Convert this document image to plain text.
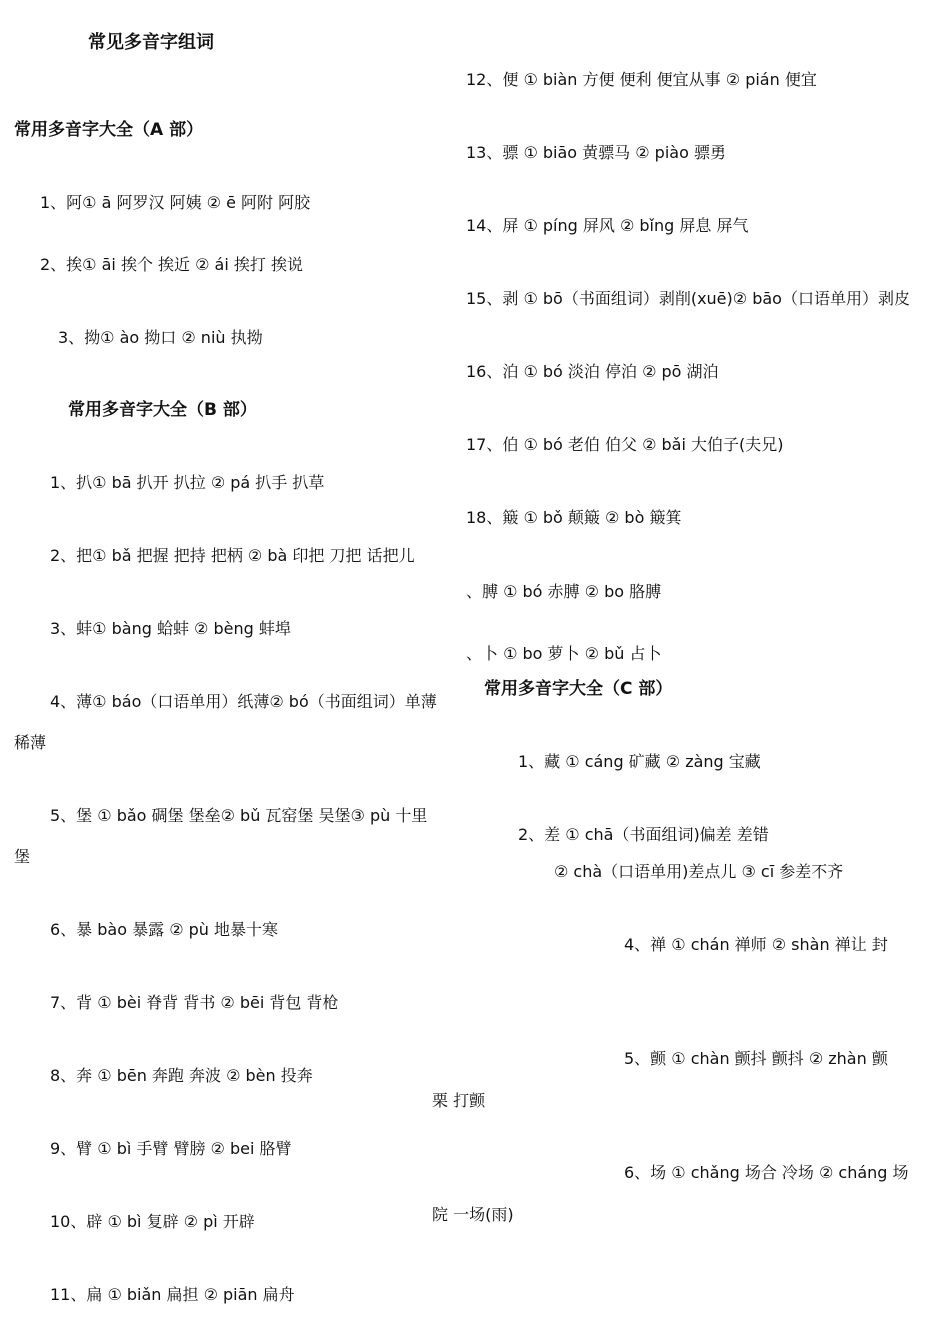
常见多音字组词
常用多音字大全（A 部）
1、阿① ā 阿罗汉 阿姨 ② ē 阿附 阿胶
2、挨① āi 挨个 挨近 ② ái 挨打 挨说
3、拗① ào 拗口 ② niù 执拗
常用多音字大全（B 部）
1、扒① bā 扒开 扒拉 ② pá 扒手 扒草
2、把① bǎ 把握 把持 把柄 ② bà 印把 刀把 话把儿
3、蚌① bàng 蛤蚌 ② bèng 蚌埠
4、薄① báo（口语单用）纸薄② bó（书面组词）单薄
稀薄
5、堡 ① bǎo 碉堡 堡垒② bǔ 瓦窑堡 吴堡③ pù 十里
堡
6、暴 bào 暴露 ② pù 地暴十寒
7、背 ① bèi 脊背 背书 ② bēi 背包 背枪
8、奔 ① bēn 奔跑 奔波 ② bèn 投奔
9、臂 ① bì 手臂 臂膀 ② bei 胳臂
10、辟 ① bì 复辟 ② pì 开辟
11、扁 ① biǎn 扁担 ② piān 扁舟
12、便 ① biàn 方便 便利 便宜从事 ② pián 便宜
13、骠 ① biāo 黄骠马 ② piào 骠勇
14、屏 ① píng 屏风 ② bǐng 屏息 屏气
15、剥 ① bō（书面组词）剥削(xuē)② bāo（口语单用）剥皮
16、泊 ① bó 淡泊 停泊 ② pō 湖泊
17、伯 ① bó 老伯 伯父 ② bǎi 大伯子(夫兄)
18、簸 ① bǒ 颠簸 ② bò 簸箕
、膊 ① bó 赤膊 ② bo 胳膊
、卜 ① bo 萝卜 ② bǔ 占卜
常用多音字大全（C 部）
1、藏 ① cáng 矿藏 ② zàng 宝藏
2、差 ① chā（书面组词)偏差 差错
② chà（口语单用)差点儿 ③ cī 参差不齐
4、禅 ① chán 禅师 ② shàn 禅让 封
5、颤 ① chàn 颤抖 颤抖 ② zhàn 颤
栗 打颤
6、场 ① chǎng 场合 冷场 ② cháng 场
院 一场(雨)
